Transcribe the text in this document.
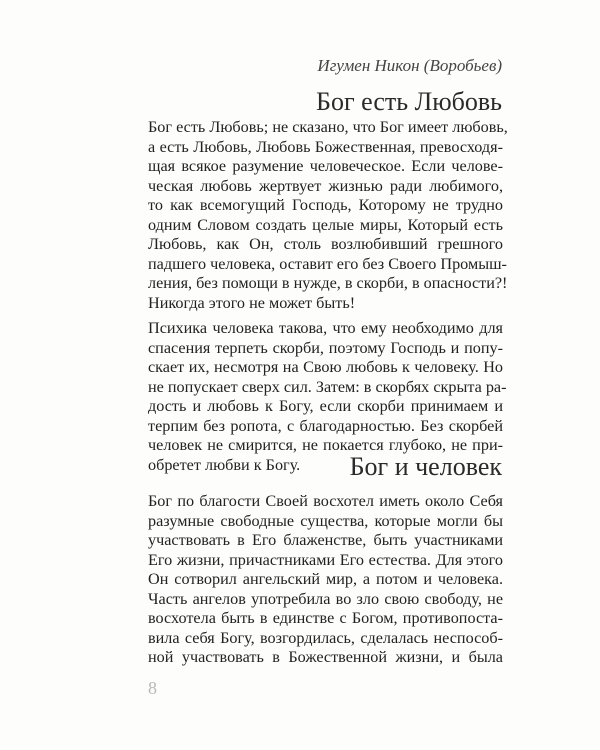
Игумен Никон (Воробьев)

Бог есть Любовь

Бог есть Любовь; не сказано, что Бог имеет любовь,
а есть Любовь, Любовь Божественная, превосходя-
щая всякое разумение человеческое. Если челове-
ческая любовь жертвует жизнью ради любимого,
то как всемогущий Господь, Которому не трудно
одним Словом создать целые миры, Который есть
Любовь, как Он, столь возлюбивший грешного
падшего человека, оставит его без Своего Промыш-
ления, без помощи в нужде, в скорби, в опасности?!
Никогда этого не может быть!

Психика человека такова, что ему необходимо для
спасения терпеть скорби, поэтому Господь и попу-
скает их, несмотря на Свою любовь к человеку. Но
не попускает сверх сил. Затем: в скорбях скрыта ра-
дость и любовь к Богу, если скорби принимаем и
терпим без ропота, с благодарностью. Без скорбей
человек не смирится, не покается глубоко, не при-
обретет любви к Богу.	Бог и человек

Бог по благости Своей восхотел иметь около Себя
разумные свободные существа, которые могли бы
участвовать в Его блаженстве, быть участниками
Его жизни, причастниками Его естества. Для этого
Он сотворил ангельский мир, а потом и человека.
Часть ангелов употребила во зло свою свободу, не
восхотела быть в единстве с Богом, противопоста-
вила себя Богу, возгордилась, сделалась неспособ-
ной участвовать в Божественной жизни, и была

8
